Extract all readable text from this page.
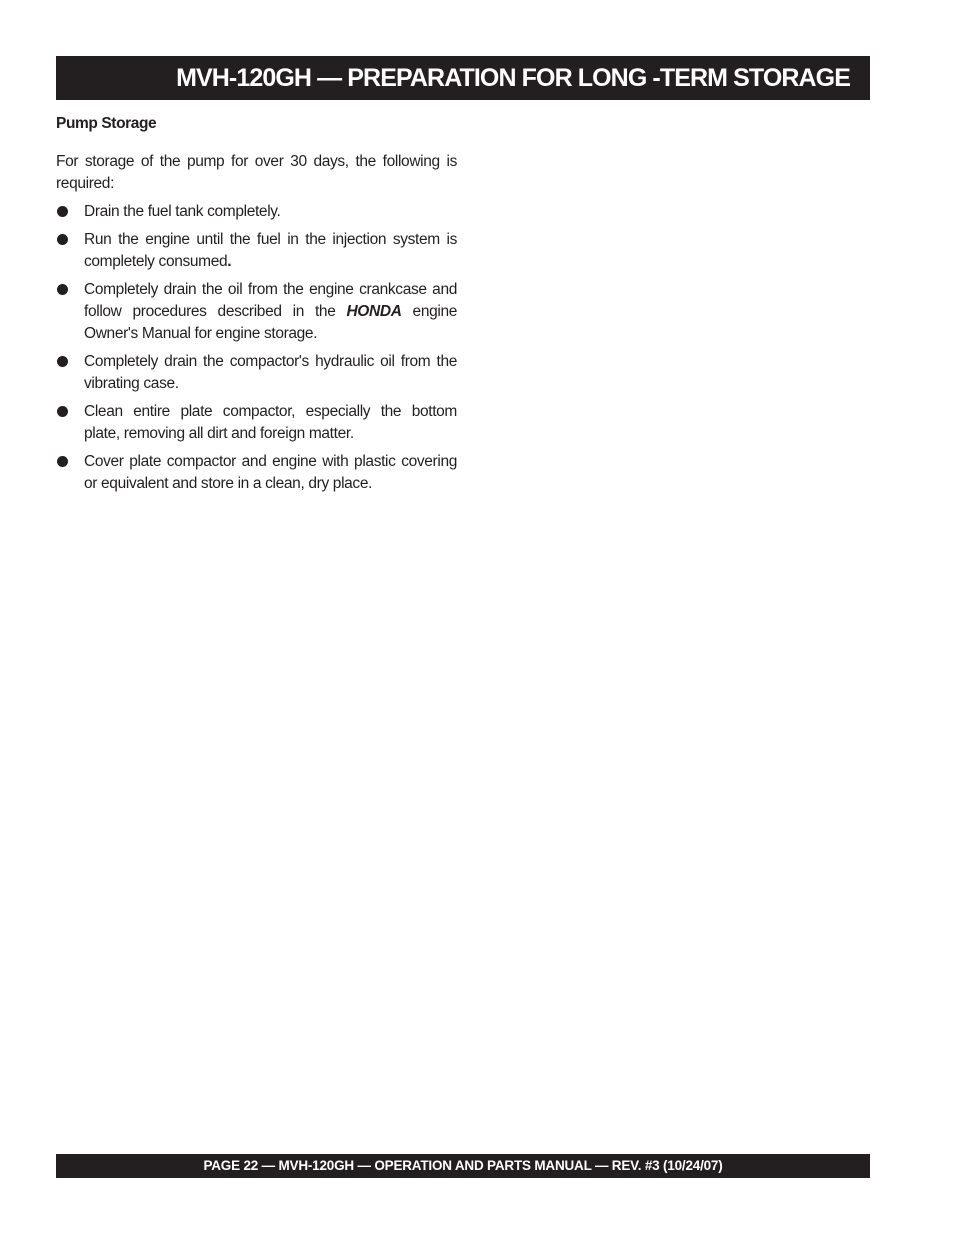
MVH-120GH — PREPARATION FOR LONG -TERM STORAGE
Pump Storage

For storage of the pump for over 30 days, the following is required:

Drain the fuel tank completely.
Run the engine until the fuel in the injection system is completely consumed.
Completely drain the oil from the engine crankcase and follow procedures described in the HONDA engine Owner's Manual for engine storage.
Completely drain the compactor's hydraulic oil from the vibrating case.
Clean entire plate compactor, especially the bottom plate, removing all dirt and foreign matter.
Cover plate compactor and engine with plastic covering or equivalent and store in a clean, dry place.
PAGE 22 — MVH-120GH — OPERATION AND PARTS MANUAL — REV. #3 (10/24/07)
